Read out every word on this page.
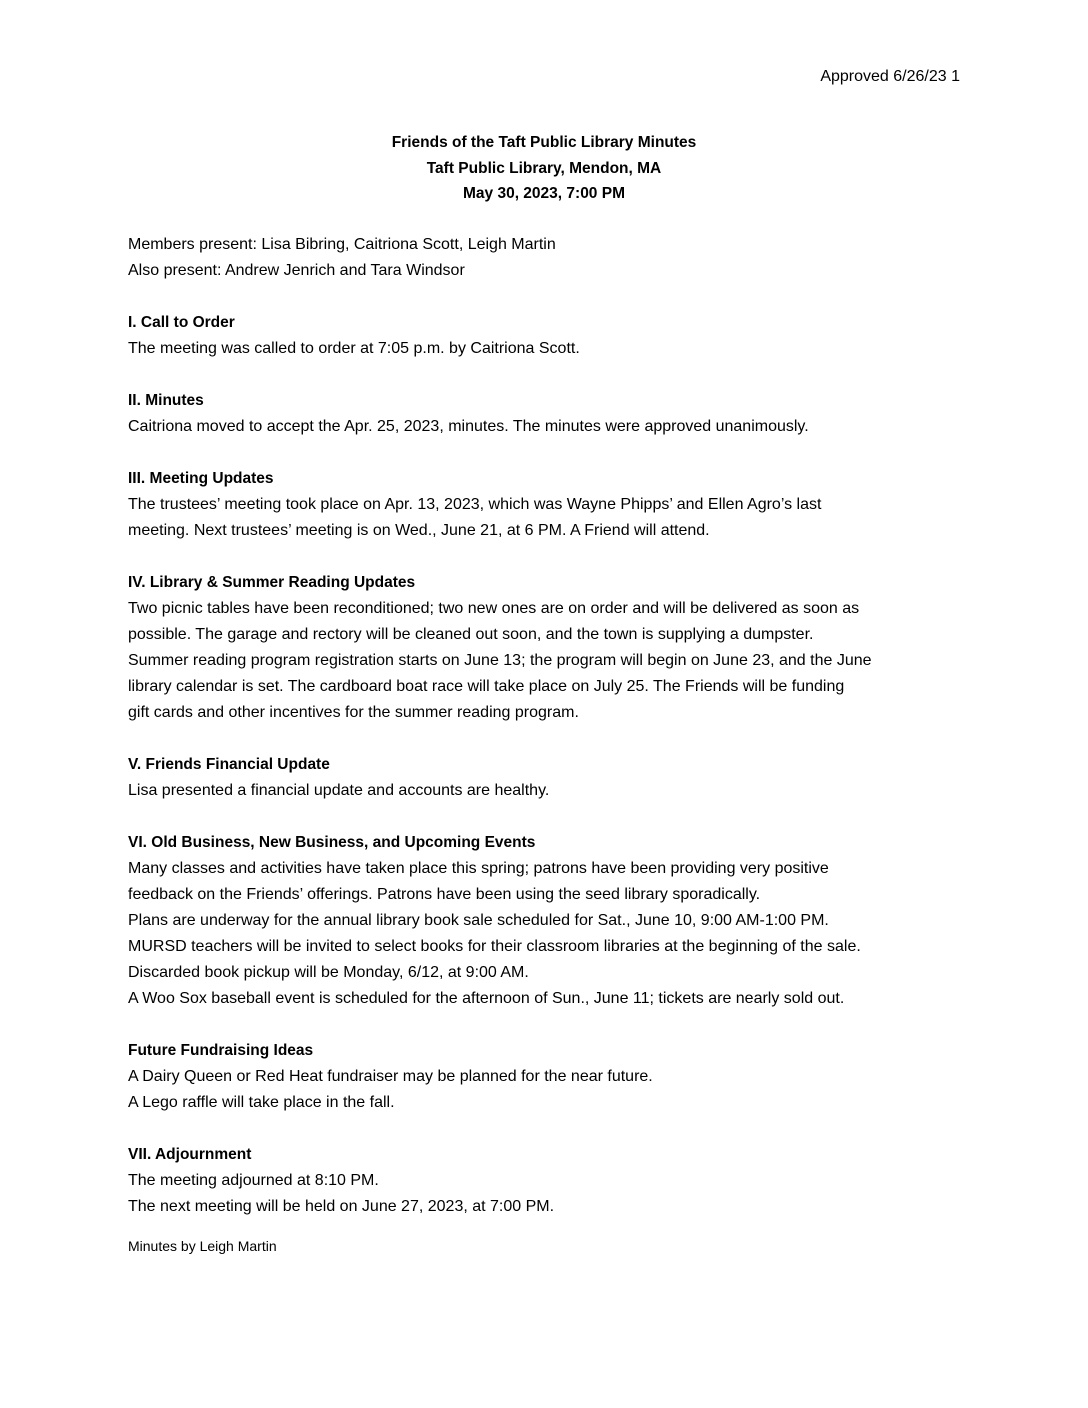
Approved 6/26/23 1
Friends of the Taft Public Library Minutes
Taft Public Library, Mendon, MA
May 30, 2023, 7:00 PM

Members present: Lisa Bibring, Caitriona Scott, Leigh Martin

Also present: Andrew Jenrich and Tara Windsor

I. Call to Order

The meeting was called to order at 7:05 p.m. by Caitriona Scott.

II. Minutes

Caitriona moved to accept the Apr. 25, 2023, minutes. The minutes were approved unanimously.

III. Meeting Updates

The trustees’ meeting took place on Apr. 13, 2023, which was Wayne Phipps’ and Ellen Agro’s last

meeting. Next trustees’ meeting is on Wed., June 21, at 6 PM. A Friend will attend.

IV. Library & Summer Reading Updates

Two picnic tables have been reconditioned; two new ones are on order and will be delivered as soon as

possible. The garage and rectory will be cleaned out soon, and the town is supplying a dumpster.

Summer reading program registration starts on June 13; the program will begin on June 23, and the June

library calendar is set. The cardboard boat race will take place on July 25. The Friends will be funding

gift cards and other incentives for the summer reading program.

V. Friends Financial Update

Lisa presented a financial update and accounts are healthy.

VI. Old Business, New Business, and Upcoming Events

Many classes and activities have taken place this spring; patrons have been providing very positive

feedback on the Friends’ offerings. Patrons have been using the seed library sporadically.

Plans are underway for the annual library book sale scheduled for Sat., June 10, 9:00 AM-1:00 PM.

MURSD teachers will be invited to select books for their classroom libraries at the beginning of the sale.

Discarded book pickup will be Monday, 6/12, at 9:00 AM.

A Woo Sox baseball event is scheduled for the afternoon of Sun., June 11; tickets are nearly sold out.

Future Fundraising Ideas

A Dairy Queen or Red Heat fundraiser may be planned for the near future.

A Lego raffle will take place in the fall.

VII. Adjournment

The meeting adjourned at 8:10 PM.

The next meeting will be held on June 27, 2023, at 7:00 PM.

Minutes by Leigh Martin
